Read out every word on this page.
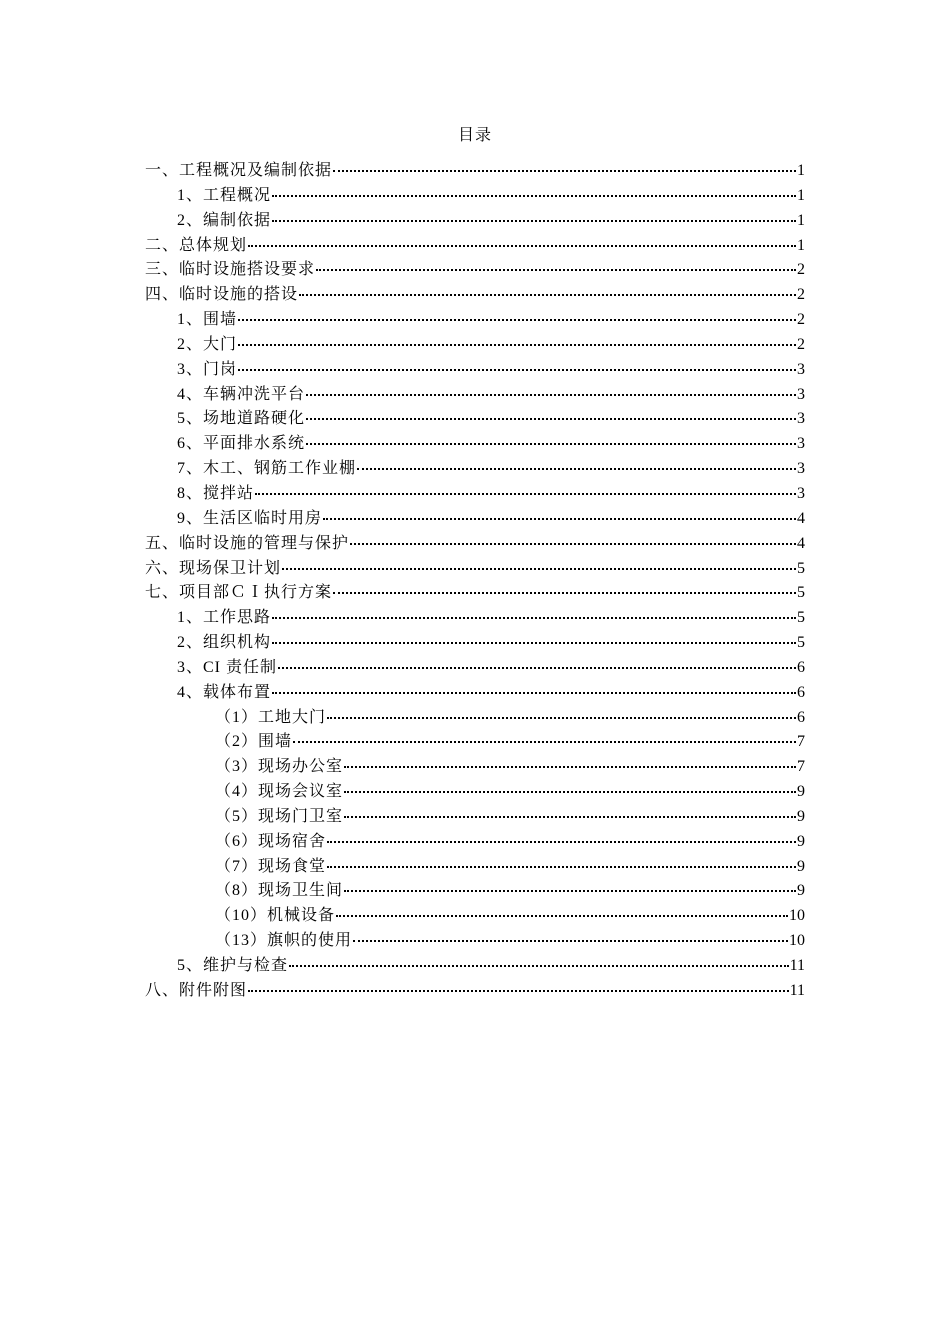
目录
一、工程概况及编制依据	1
1、工程概况	1
2、编制依据	1
二、总体规划	1
三、临时设施搭设要求	2
四、临时设施的搭设	2
1、围墙	2
2、大门	2
3、门岗	3
4、车辆冲洗平台	3
5、场地道路硬化	3
6、平面排水系统	3
7、木工、钢筋工作业棚	3
8、搅拌站	3
9、生活区临时用房	4
五、临时设施的管理与保护	4
六、现场保卫计划	5
七、项目部ＣＩ执行方案	5
1、工作思路	5
2、组织机构	5
3、CI 责任制	6
4、载体布置	6
（1）工地大门	6
（2）围墙	7
（3）现场办公室	7
（4）现场会议室	9
（5）现场门卫室	9
（6）现场宿舍	9
（7）现场食堂	9
（8）现场卫生间	9
（10）机械设备	10
（13）旗帜的使用	10
5、维护与检查	11
八、附件附图	11
